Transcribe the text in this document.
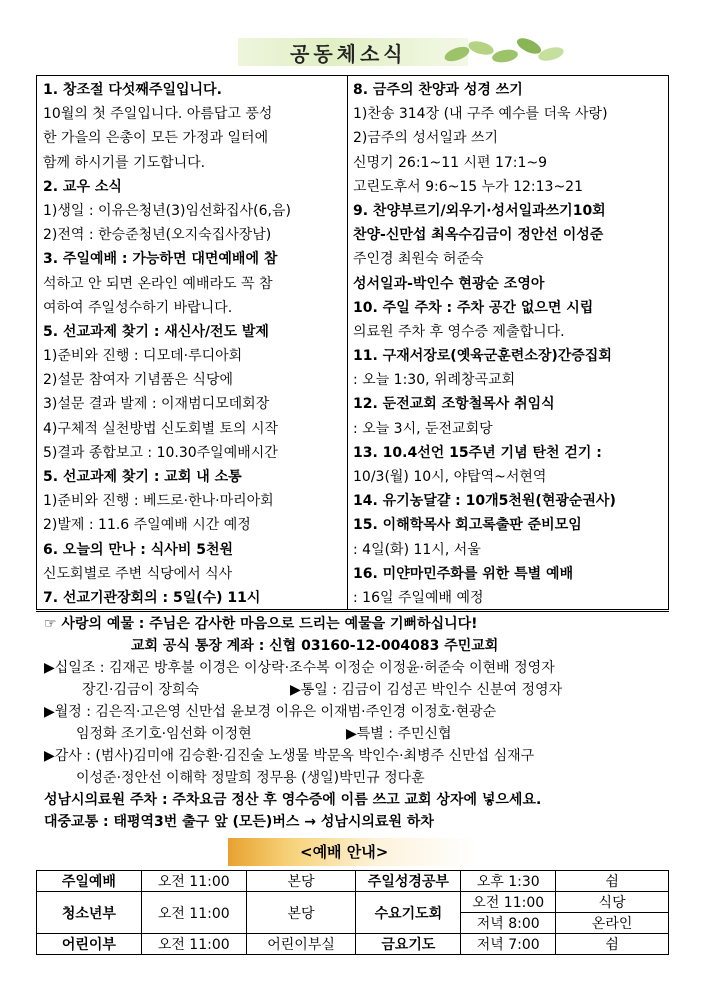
공동체소식
1. 창조절 다섯째주일입니다.
10월의 첫 주일입니다. 아름답고 풍성
한 가을의 은총이 모든 가정과 일터에
함께 하시기를 기도합니다.
2. 교우 소식
1)생일 : 이유은청년(3)임선화집사(6,음)
2)전역 : 한승준청년(오지숙집사장남)
3. 주일예배 : 가능하면 대면예배에 참
석하고 안 되면 온라인 예배라도 꼭 참
여하여 주일성수하기 바랍니다.
5. 선교과제 찾기 : 새신사/전도 발제
1)준비와 진행 : 디모데·루디아회
2)설문 참여자 기념품은 식당에
3)설문 결과 발제 : 이재범디모데회장
4)구체적 실천방법 신도회별 토의 시작
5)결과 종합보고 : 10.30주일예배시간
5. 선교과제 찾기 : 교회 내 소통
1)준비와 진행 : 베드로·한나·마리아회
2)발제 : 11.6 주일예배 시간 예정
6. 오늘의 만나 : 식사비 5천원
신도회별로 주변 식당에서 식사
7. 선교기관장회의 : 5일(수) 11시
8. 금주의 찬양과 성경 쓰기
1)찬송 314장 (내 구주 예수를 더욱 사랑)
2)금주의 성서일과 쓰기
신명기 26:1~11 시편 17:1~9
고린도후서 9:6~15 누가 12:13~21
9. 찬양부르기/외우기·성서일과쓰기10회
찬양-신만섭 최옥수김금이 정안선 이성준
주인경 최원숙 허준숙
성서일과-박인수 현광순 조영아
10. 주일 주차 : 주차 공간 없으면 시립
의료원 주차 후 영수증 제출합니다.
11. 구재서장로(옛육군훈련소장)간증집회
: 오늘 1:30, 위례창곡교회
12. 둔전교회 조항철목사 취임식
: 오늘 3시, 둔전교회당
13. 10.4선언 15주년 기념 탄천 걷기 :
10/3(월) 10시, 야탑역~서현역
14. 유기농달걀 : 10개5천원(현광순권사)
15. 이해학목사 회고록출판 준비모임
: 4일(화) 11시, 서울
16. 미얀마민주화를 위한 특별 예배
: 16일 주일예배 예정
☞ 사랑의 예물 : 주님은 감사한 마음으로 드리는 예물을 기뻐하십니다!
교회 공식 통장 계좌 : 신협 03160-12-004083 주민교회
▶십일조 : 김재곤 방후불 이경은 이상락·조수복 이정순 이정윤·허준숙 이현배 정영자
장긴·김금이 장희숙	▶통일 : 김금이 김성곤 박인수 신분여 정영자
▶월정 : 김은직·고은영 신만섭 윤보경 이유은 이재범·주인경 이정호·현광순
임정화 조기호·임선화 이정현	▶특별 : 주민신협
▶감사 : (범사)김미애 김승환·김진술 노생물 박문옥 박인수·최병주 신만섭 심재구
이성준·정안선 이해학 정말희 정무용 (생일)박민규 정다훈
성남시의료원 주차 : 주차요금 정산 후 영수증에 이름 쓰고 교회 상자에 넣으세요.
대중교통 : 태평역3번 출구 앞 (모든)버스 → 성남시의료원 하차
<예배 안내>
주일예배	오전 11:00	본당	주일성경공부	오후 1:30	쉼
청소년부	오전 11:00	본당	수요기도회	오전 11:00	식당
				저녁 8:00	온라인
어린이부	오전 11:00	어린이부실	금요기도	저녁 7:00	쉼
